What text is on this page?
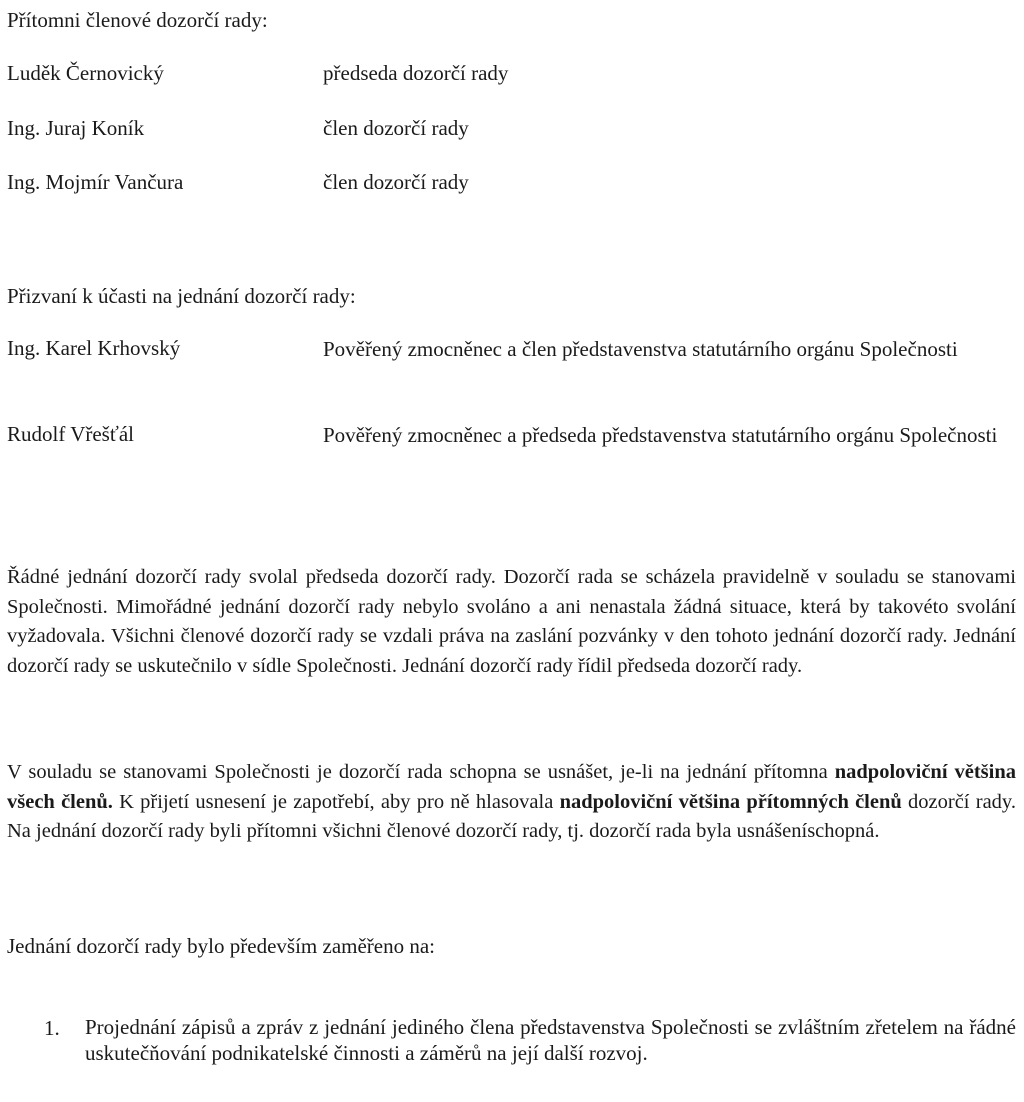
Přítomni členové dozorčí rady:

Luděk Černovický	předseda dozorčí rady
Ing. Juraj Koník	člen dozorčí rady
Ing. Mojmír Vančura	člen dozorčí rady

Přizvaní k účasti na jednání dozorčí rady:

Ing. Karel Krhovský	Pověřený zmocněnec a člen představenstva statutárního orgánu Společnosti
Rudolf Vřešťál	Pověřený zmocněnec a předseda představenstva statutárního orgánu Společnosti

Řádné jednání dozorčí rady svolal předseda dozorčí rady. Dozorčí rada se scházela pravidelně v souladu se stanovami Společnosti. Mimořádné jednání dozorčí rady nebylo svoláno a ani nenastala žádná situace, která by takovéto svolání vyžadovala. Všichni členové dozorčí rady se vzdali práva na zaslání pozvánky v den tohoto jednání dozorčí rady. Jednání dozorčí rady se uskutečnilo v sídle Společnosti. Jednání dozorčí rady řídil předseda dozorčí rady.

V souladu se stanovami Společnosti je dozorčí rada schopna se usnášet, je-li na jednání přítomna nadpoloviční většina všech členů. K přijetí usnesení je zapotřebí, aby pro ně hlasovala nadpoloviční většina přítomných členů dozorčí rady. Na jednání dozorčí rady byli přítomni všichni členové dozorčí rady, tj. dozorčí rada byla usnášeníschopná.

Jednání dozorčí rady bylo především zaměřeno na:

1. Projednání zápisů a zpráv z jednání jediného člena představenstva Společnosti se zvláštním zřetelem na řádné uskutečňování podnikatelské činnosti a záměrů na její další rozvoj.
